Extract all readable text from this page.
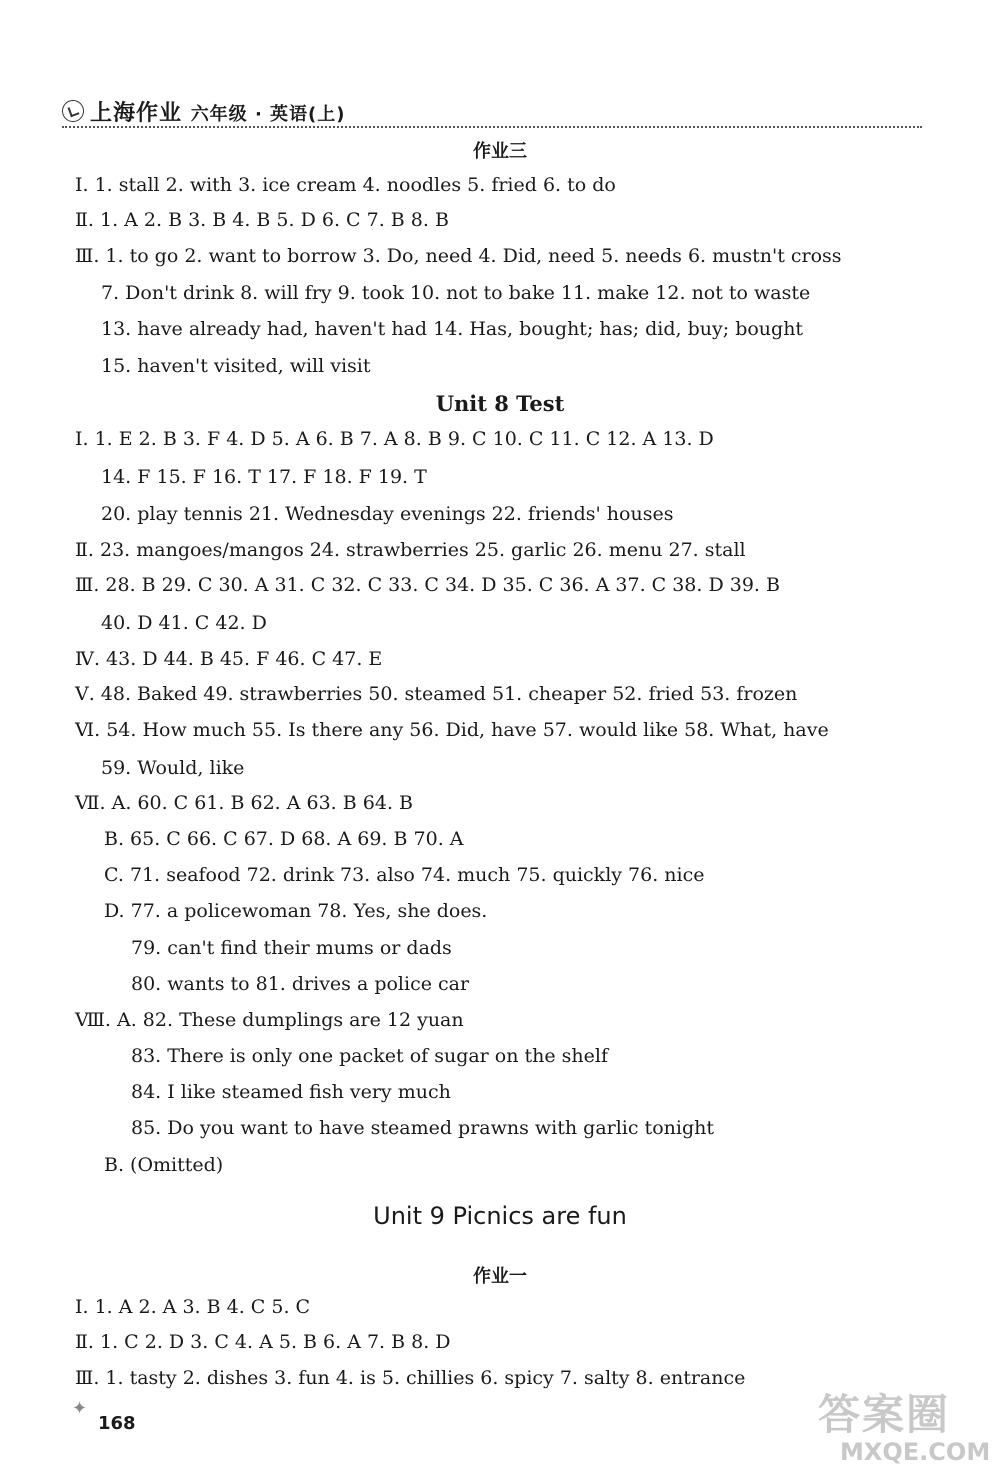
上海作业 六年级 · 英语(上)
作业三
Ⅰ. 1. stall 2. with 3. ice cream 4. noodles 5. fried 6. to do
Ⅱ. 1. A 2. B 3. B 4. B 5. D 6. C 7. B 8. B
Ⅲ. 1. to go 2. want to borrow 3. Do, need 4. Did, need 5. needs 6. mustn't cross
7. Don't drink 8. will fry 9. took 10. not to bake 11. make 12. not to waste
13. have already had, haven't had 14. Has, bought; has; did, buy; bought
15. haven't visited, will visit
Unit 8 Test
Ⅰ. 1. E 2. B 3. F 4. D 5. A 6. B 7. A 8. B 9. C 10. C 11. C 12. A 13. D
14. F 15. F 16. T 17. F 18. F 19. T
20. play tennis 21. Wednesday evenings 22. friends' houses
Ⅱ. 23. mangoes/mangos 24. strawberries 25. garlic 26. menu 27. stall
Ⅲ. 28. B 29. C 30. A 31. C 32. C 33. C 34. D 35. C 36. A 37. C 38. D 39. B
40. D 41. C 42. D
Ⅳ. 43. D 44. B 45. F 46. C 47. E
Ⅴ. 48. Baked 49. strawberries 50. steamed 51. cheaper 52. fried 53. frozen
Ⅵ. 54. How much 55. Is there any 56. Did, have 57. would like 58. What, have
59. Would, like
Ⅶ. A. 60. C 61. B 62. A 63. B 64. B
B. 65. C 66. C 67. D 68. A 69. B 70. A
C. 71. seafood 72. drink 73. also 74. much 75. quickly 76. nice
D. 77. a policewoman 78. Yes, she does.
79. can't find their mums or dads
80. wants to 81. drives a police car
Ⅷ. A. 82. These dumplings are 12 yuan
83. There is only one packet of sugar on the shelf
84. I like steamed fish very much
85. Do you want to have steamed prawns with garlic tonight
B. (Omitted)
Unit 9 Picnics are fun
作业一
Ⅰ. 1. A 2. A 3. B 4. C 5. C
Ⅱ. 1. C 2. D 3. C 4. A 5. B 6. A 7. B 8. D
Ⅲ. 1. tasty 2. dishes 3. fun 4. is 5. chillies 6. spicy 7. salty 8. entrance
✦
168	答案圈
MXQE.COM
